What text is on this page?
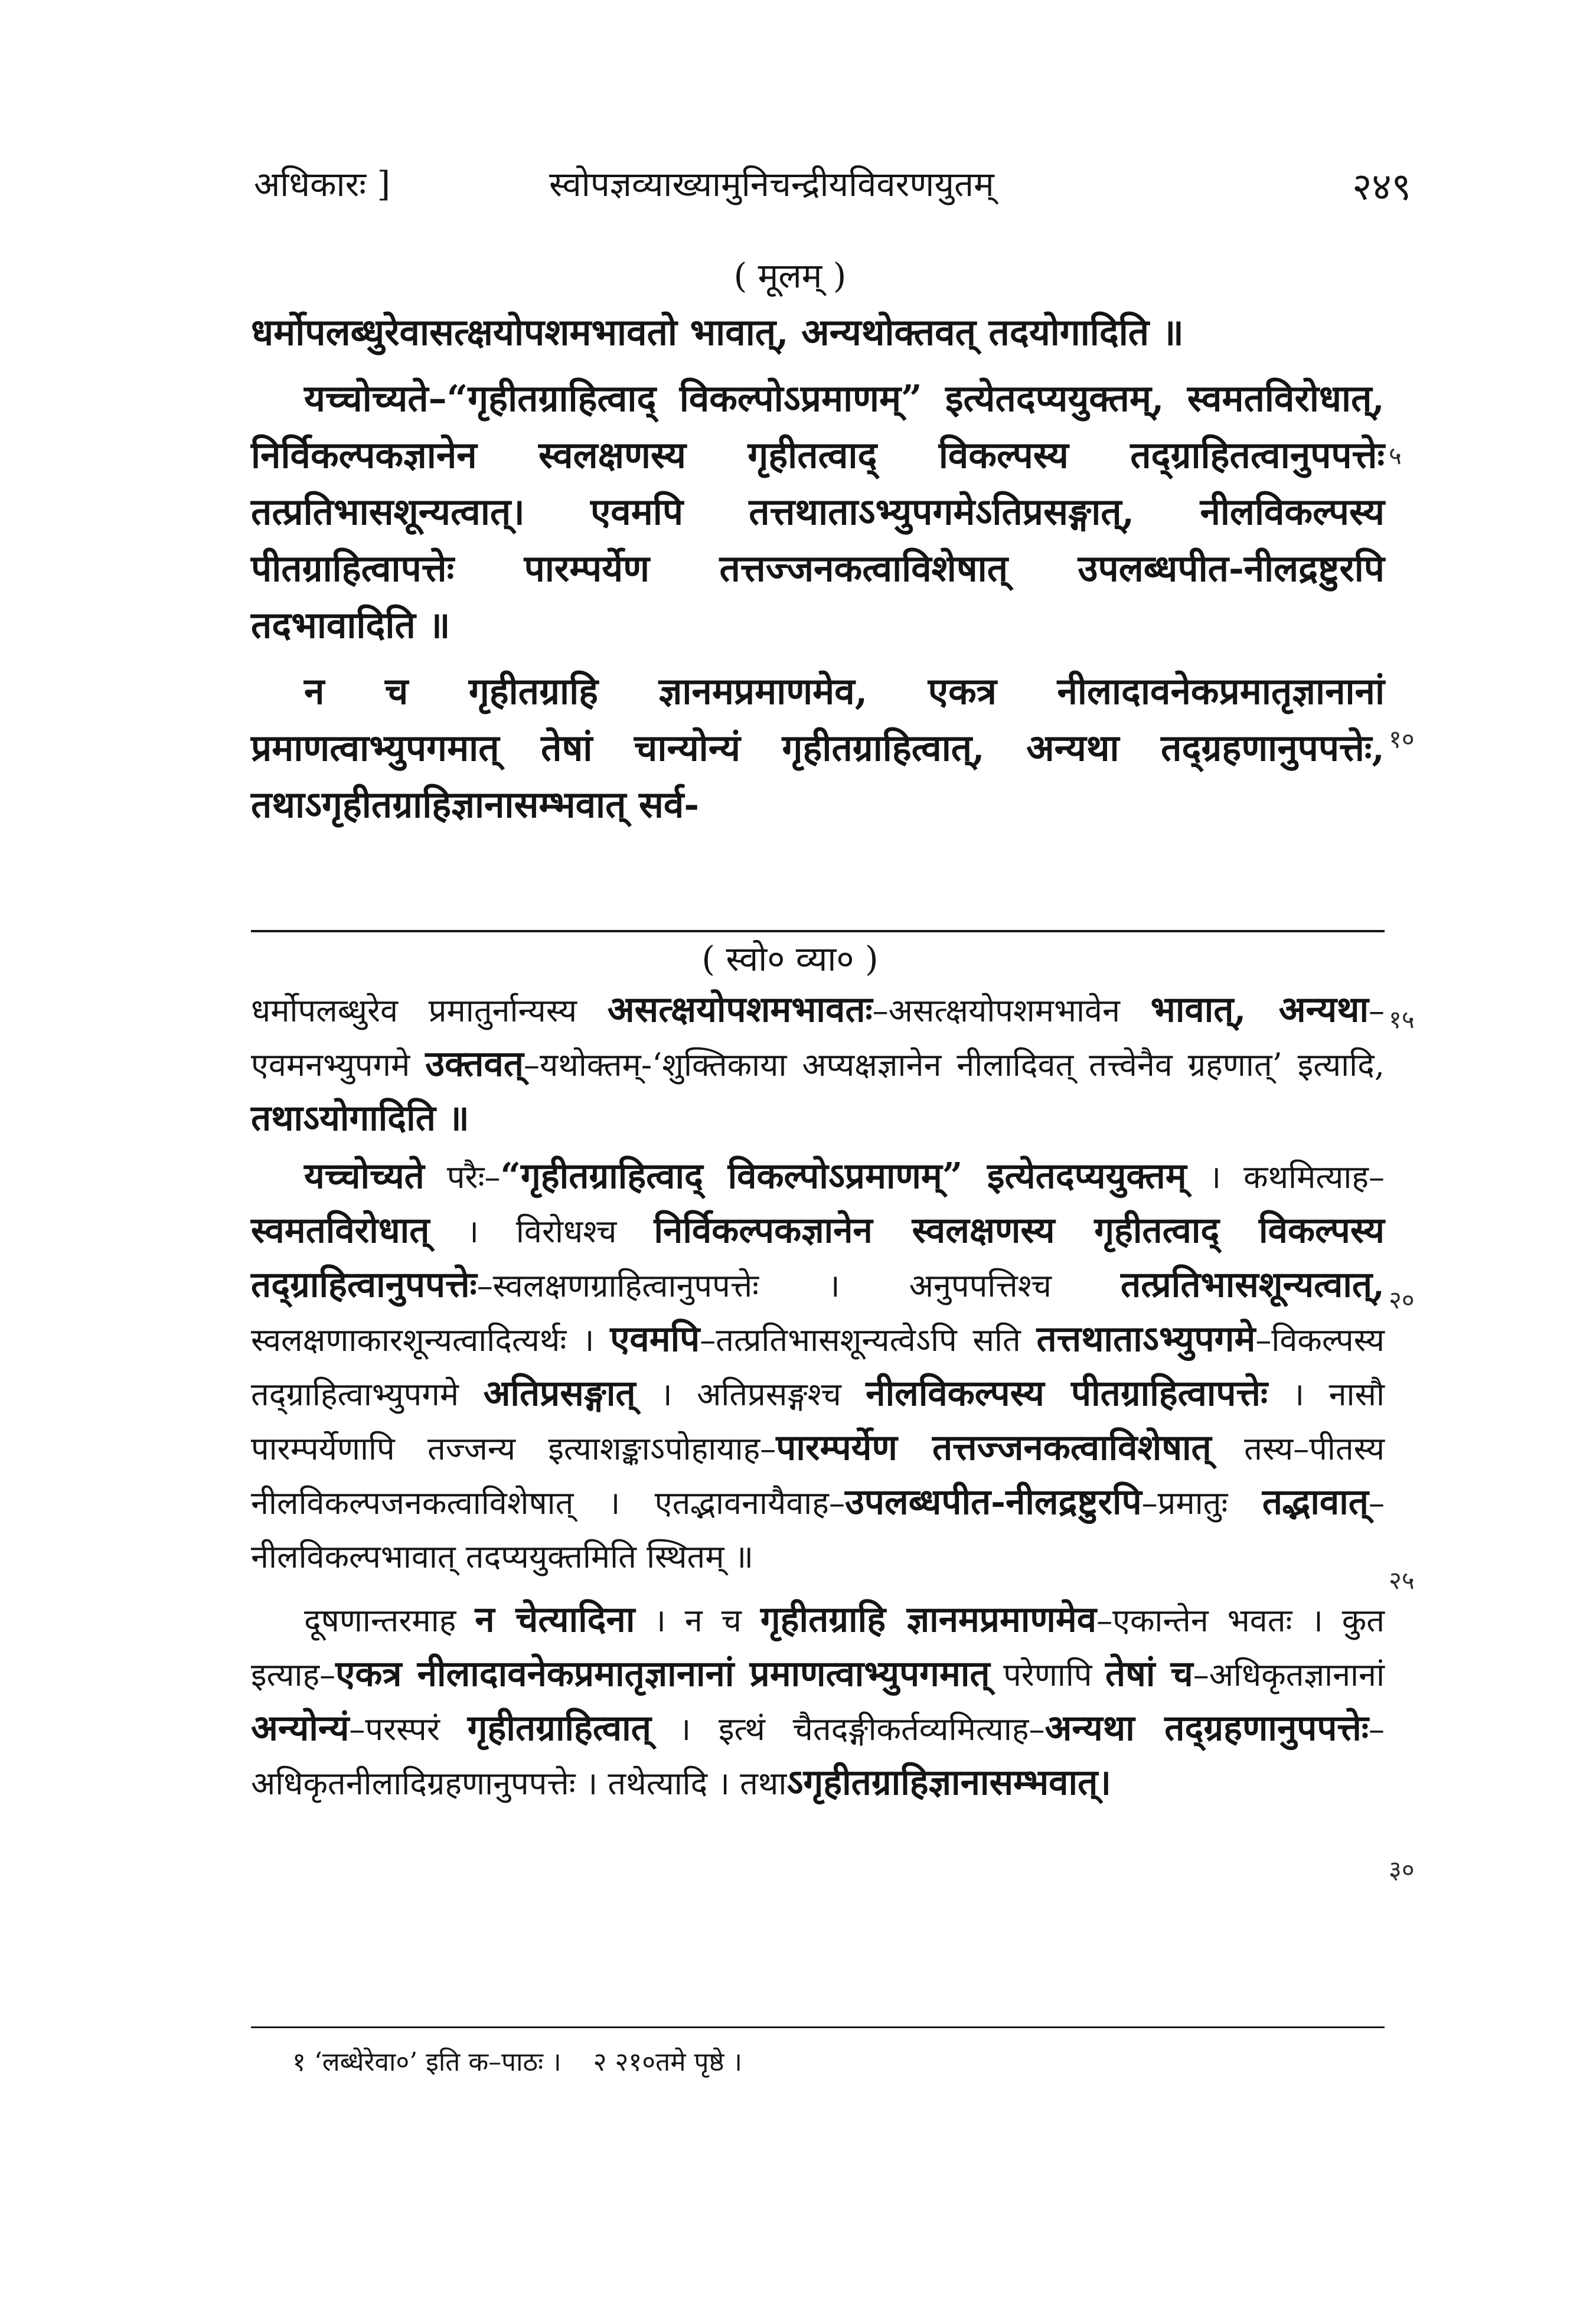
अधिकारः ]	स्वोपज्ञव्याख्यामुनिचन्द्रीयविवरणयुतम्	२४९
( मूलम् )

धर्मोपलब्धुरेवासत्क्षयोपशमभावतो भावात्, अन्यथोक्तवत् तदयोगादिति ॥

यच्चोच्यते–“गृहीतग्राहित्वाद् विकल्पोऽप्रमाणम्” इत्येतदप्ययुक्तम्, स्वमतविरोधात्, निर्विकल्पकज्ञानेन स्वलक्षणस्य गृहीतत्वाद् विकल्पस्य तद्ग्राहितत्वानुपपत्तेः तत्प्रतिभासशून्यत्वात्। एवमपि तत्तथाताऽभ्युपगमेऽतिप्रसङ्गात्, नीलविकल्पस्य पीतग्राहित्वापत्तेः पारम्पर्येण तत्तज्जनकत्वाविशेषात् उपलब्धपीत-नीलद्रष्टुरपि तदभावादिति ॥

न च गृहीतग्राहि ज्ञानमप्रमाणमेव, एकत्र नीलादावनेकप्रमातृज्ञानानां प्रमाणत्वाभ्युपगमात् तेषां चान्योन्यं गृहीतग्राहित्वात्, अन्यथा तद्ग्रहणानुपपत्तेः, तथाऽगृहीतग्राहिज्ञानासम्भवात् सर्व-

( स्वो० व्या० )

धर्मोपलब्धुरेव प्रमातुर्नान्यस्य असत्क्षयोपशमभावतः–असत्क्षयोपशमभावेन भावात्, अन्यथा–एवमनभ्युपगमे उक्तवत्–यथोक्तम्-‘शुक्तिकाया अप्यक्षज्ञानेन नीलादिवत् तत्त्वेनैव ग्रहणात्’ इत्यादि, तथाऽयोगादिति ॥

यच्चोच्यते परैः–“गृहीतग्राहित्वाद् विकल्पोऽप्रमाणम्” इत्येतदप्ययुक्तम् । कथमित्याह–स्वमतविरोधात् । विरोधश्च निर्विकल्पकज्ञानेन स्वलक्षणस्य गृहीतत्वाद् विकल्पस्य तद्ग्राहित्वानुपपत्तेः–स्वलक्षणग्राहित्वानुपपत्तेः । अनुपपत्तिश्च तत्प्रतिभासशून्यत्वात्, स्वलक्षणाकारशून्यत्वादित्यर्थः । एवमपि–तत्प्रतिभासशून्यत्वेऽपि सति तत्तथाताऽभ्युपगमे–विकल्पस्य तद्ग्राहित्वाभ्युपगमे अतिप्रसङ्गात् । अतिप्रसङ्गश्च नीलविकल्पस्य पीतग्राहित्वापत्तेः । नासौ पारम्पर्येणापि तज्जन्य इत्याशङ्काऽपोहायाह–पारम्पर्येण तत्तज्जनकत्वाविशेषात् तस्य–पीतस्य नीलविकल्पजनकत्वाविशेषात् । एतद्भावनायैवाह–उपलब्धपीत-नीलद्रष्टुरपि–प्रमातुः तद्भावात्–नीलविकल्पभावात् तदप्ययुक्तमिति स्थितम् ॥

दूषणान्तरमाह न चेत्यादिना । न च गृहीतग्राहि ज्ञानमप्रमाणमेव–एकान्तेन भवतः । कुत इत्याह–एकत्र नीलादावनेकप्रमातृज्ञानानां प्रमाणत्वाभ्युपगमात् परेणापि तेषां च–अधिकृतज्ञानानां अन्योन्यं–परस्परं गृहीतग्राहित्वात् । इत्थं चैतदङ्गीकर्तव्यमित्याह–अन्यथा तद्ग्रहणानुपपत्तेः–अधिकृतनीलादिग्रहणानुपपत्तेः । तथेत्यादि । तथाऽगृहीतग्राहिज्ञानासम्भवात्।

५
१०
१५
२०
२५
३०
१ ‘लब्धेरेवा०’ इति क–पाठः । २ २१०तमे पृष्ठे ।
